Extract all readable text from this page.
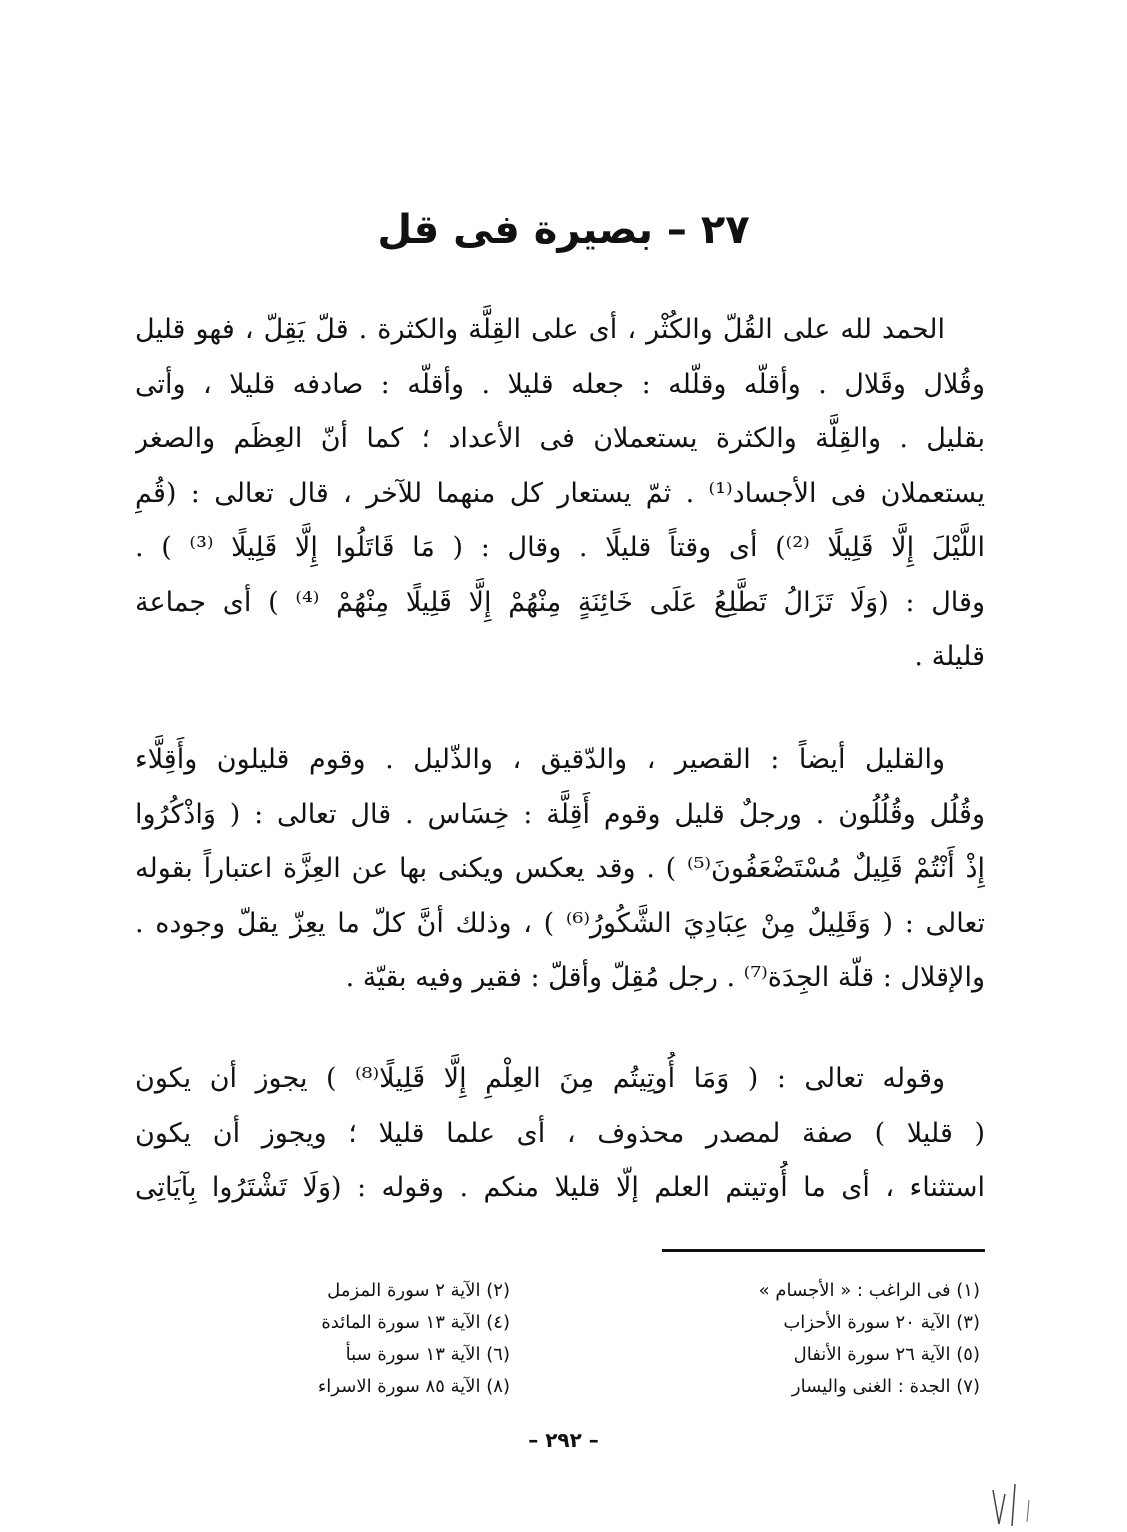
٢٧ – بصيرة فى قل
الحمد لله على القُلّ والكُثْر ، أى على القِلَّة والكثرة . قلّ يَقِلّ ، فهو قليل
وقُلال وقَلال . وأقلّه وقلّله : جعله قليلا . وأقلّه : صادفه قليلا ، وأتى
بقليل . والقِلَّة والكثرة يستعملان فى الأعداد ؛ كما أنّ العِظَم والصغر
يستعملان فى الأجساد⁽¹⁾ . ثمّ يستعار كل منهما للآخر ، قال تعالى : (قُمِ
اللَّيْلَ إِلَّا قَلِيلًا ⁽²⁾) أى وقتاً قليلًا . وقال : ( مَا قَاتَلُوا إِلَّا قَلِيلًا ⁽³⁾ ) .
وقال : (وَلَا تَزَالُ تَطَّلِعُ عَلَى خَائِنَةٍ مِنْهُمْ إِلَّا قَلِيلًا مِنْهُمْ ⁽⁴⁾ ) أى جماعة
قليلة .
والقليل أيضاً : القصير ، والدّقيق ، والذّليل . وقوم قليلون وأَقِلَّاء
وقُلُل وقُلُلُون . ورجلٌ قليل وقوم أَقِلَّة : خِسَاس . قال تعالى : ( وَاذْكُرُوا
إِذْ أَنْتُمْ قَلِيلٌ مُسْتَضْعَفُونَ⁽⁵⁾ ) . وقد يعكس ويكنى بها عن العِزَّة اعتباراً بقوله
تعالى : ( وَقَلِيلٌ مِنْ عِبَادِيَ الشَّكُورُ⁽⁶⁾ ) ، وذلك أنَّ كلّ ما يعِزّ يقلّ وجوده .
والإقلال : قلّة الجِدَة⁽⁷⁾ . رجل مُقِلّ وأقلّ : فقير وفيه بقيّة .
وقوله تعالى : ( وَمَا أُوتِيتُم مِنَ العِلْمِ إِلَّا قَلِيلًا⁽⁸⁾ ) يجوز أن يكون
( قليلا ) صفة لمصدر محذوف ، أى علما قليلا ؛ ويجوز أن يكون
استثناء ، أى ما أُوتيتم العلم إلّا قليلا منكم . وقوله : (وَلَا تَشْتَرُوا بِآيَاتِى
(١) فى الراغب : « الأجسام »
(٣) الآية ٢٠ سورة الأحزاب
(٥) الآية ٢٦ سورة الأنفال
(٧) الجدة : الغنى واليسار
(٢) الآية ٢ سورة المزمل
(٤) الآية ١٣ سورة المائدة
(٦) الآية ١٣ سورة سبأ
(٨) الآية ٨٥ سورة الاسراء
– ٢٩٢ –
